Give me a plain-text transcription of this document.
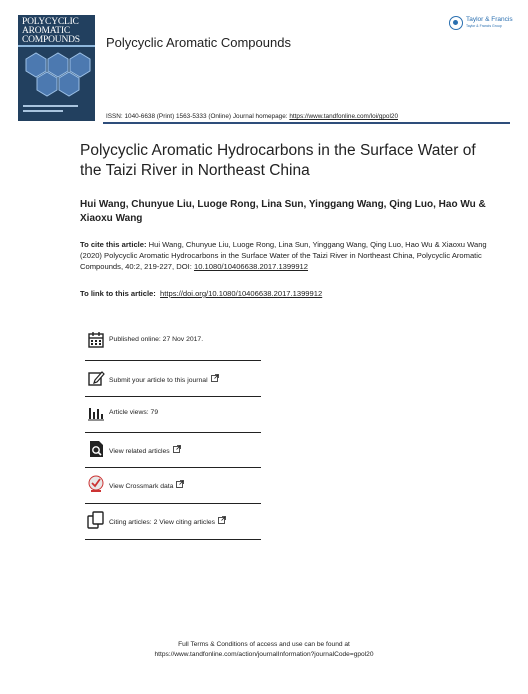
POLYCYCLIC
AROMATIC
COMPOUNDS	Polycyclic Aromatic Compounds
Taylor & Francis
Taylor & Francis Group
ISSN: 1040-6638 (Print) 1563-5333 (Online) Journal homepage: https://www.tandfonline.com/loi/gpol20
Polycyclic Aromatic Hydrocarbons in the Surface Water of the Taizi River in Northeast China
Hui Wang, Chunyue Liu, Luoge Rong, Lina Sun, Yinggang Wang, Qing Luo, Hao Wu & Xiaoxu Wang
To cite this article: Hui Wang, Chunyue Liu, Luoge Rong, Lina Sun, Yinggang Wang, Qing Luo, Hao Wu & Xiaoxu Wang (2020) Polycyclic Aromatic Hydrocarbons in the Surface Water of the Taizi River in Northeast China, Polycyclic Aromatic Compounds, 40:2, 219-227, DOI: 10.1080/10406638.2017.1399912
To link to this article: https://doi.org/10.1080/10406638.2017.1399912
Published online: 27 Nov 2017.
Submit your article to this journal
Article views: 79
View related articles
View Crossmark data
Citing articles: 2 View citing articles
Full Terms & Conditions of access and use can be found at
https://www.tandfonline.com/action/journalInformation?journalCode=gpol20
